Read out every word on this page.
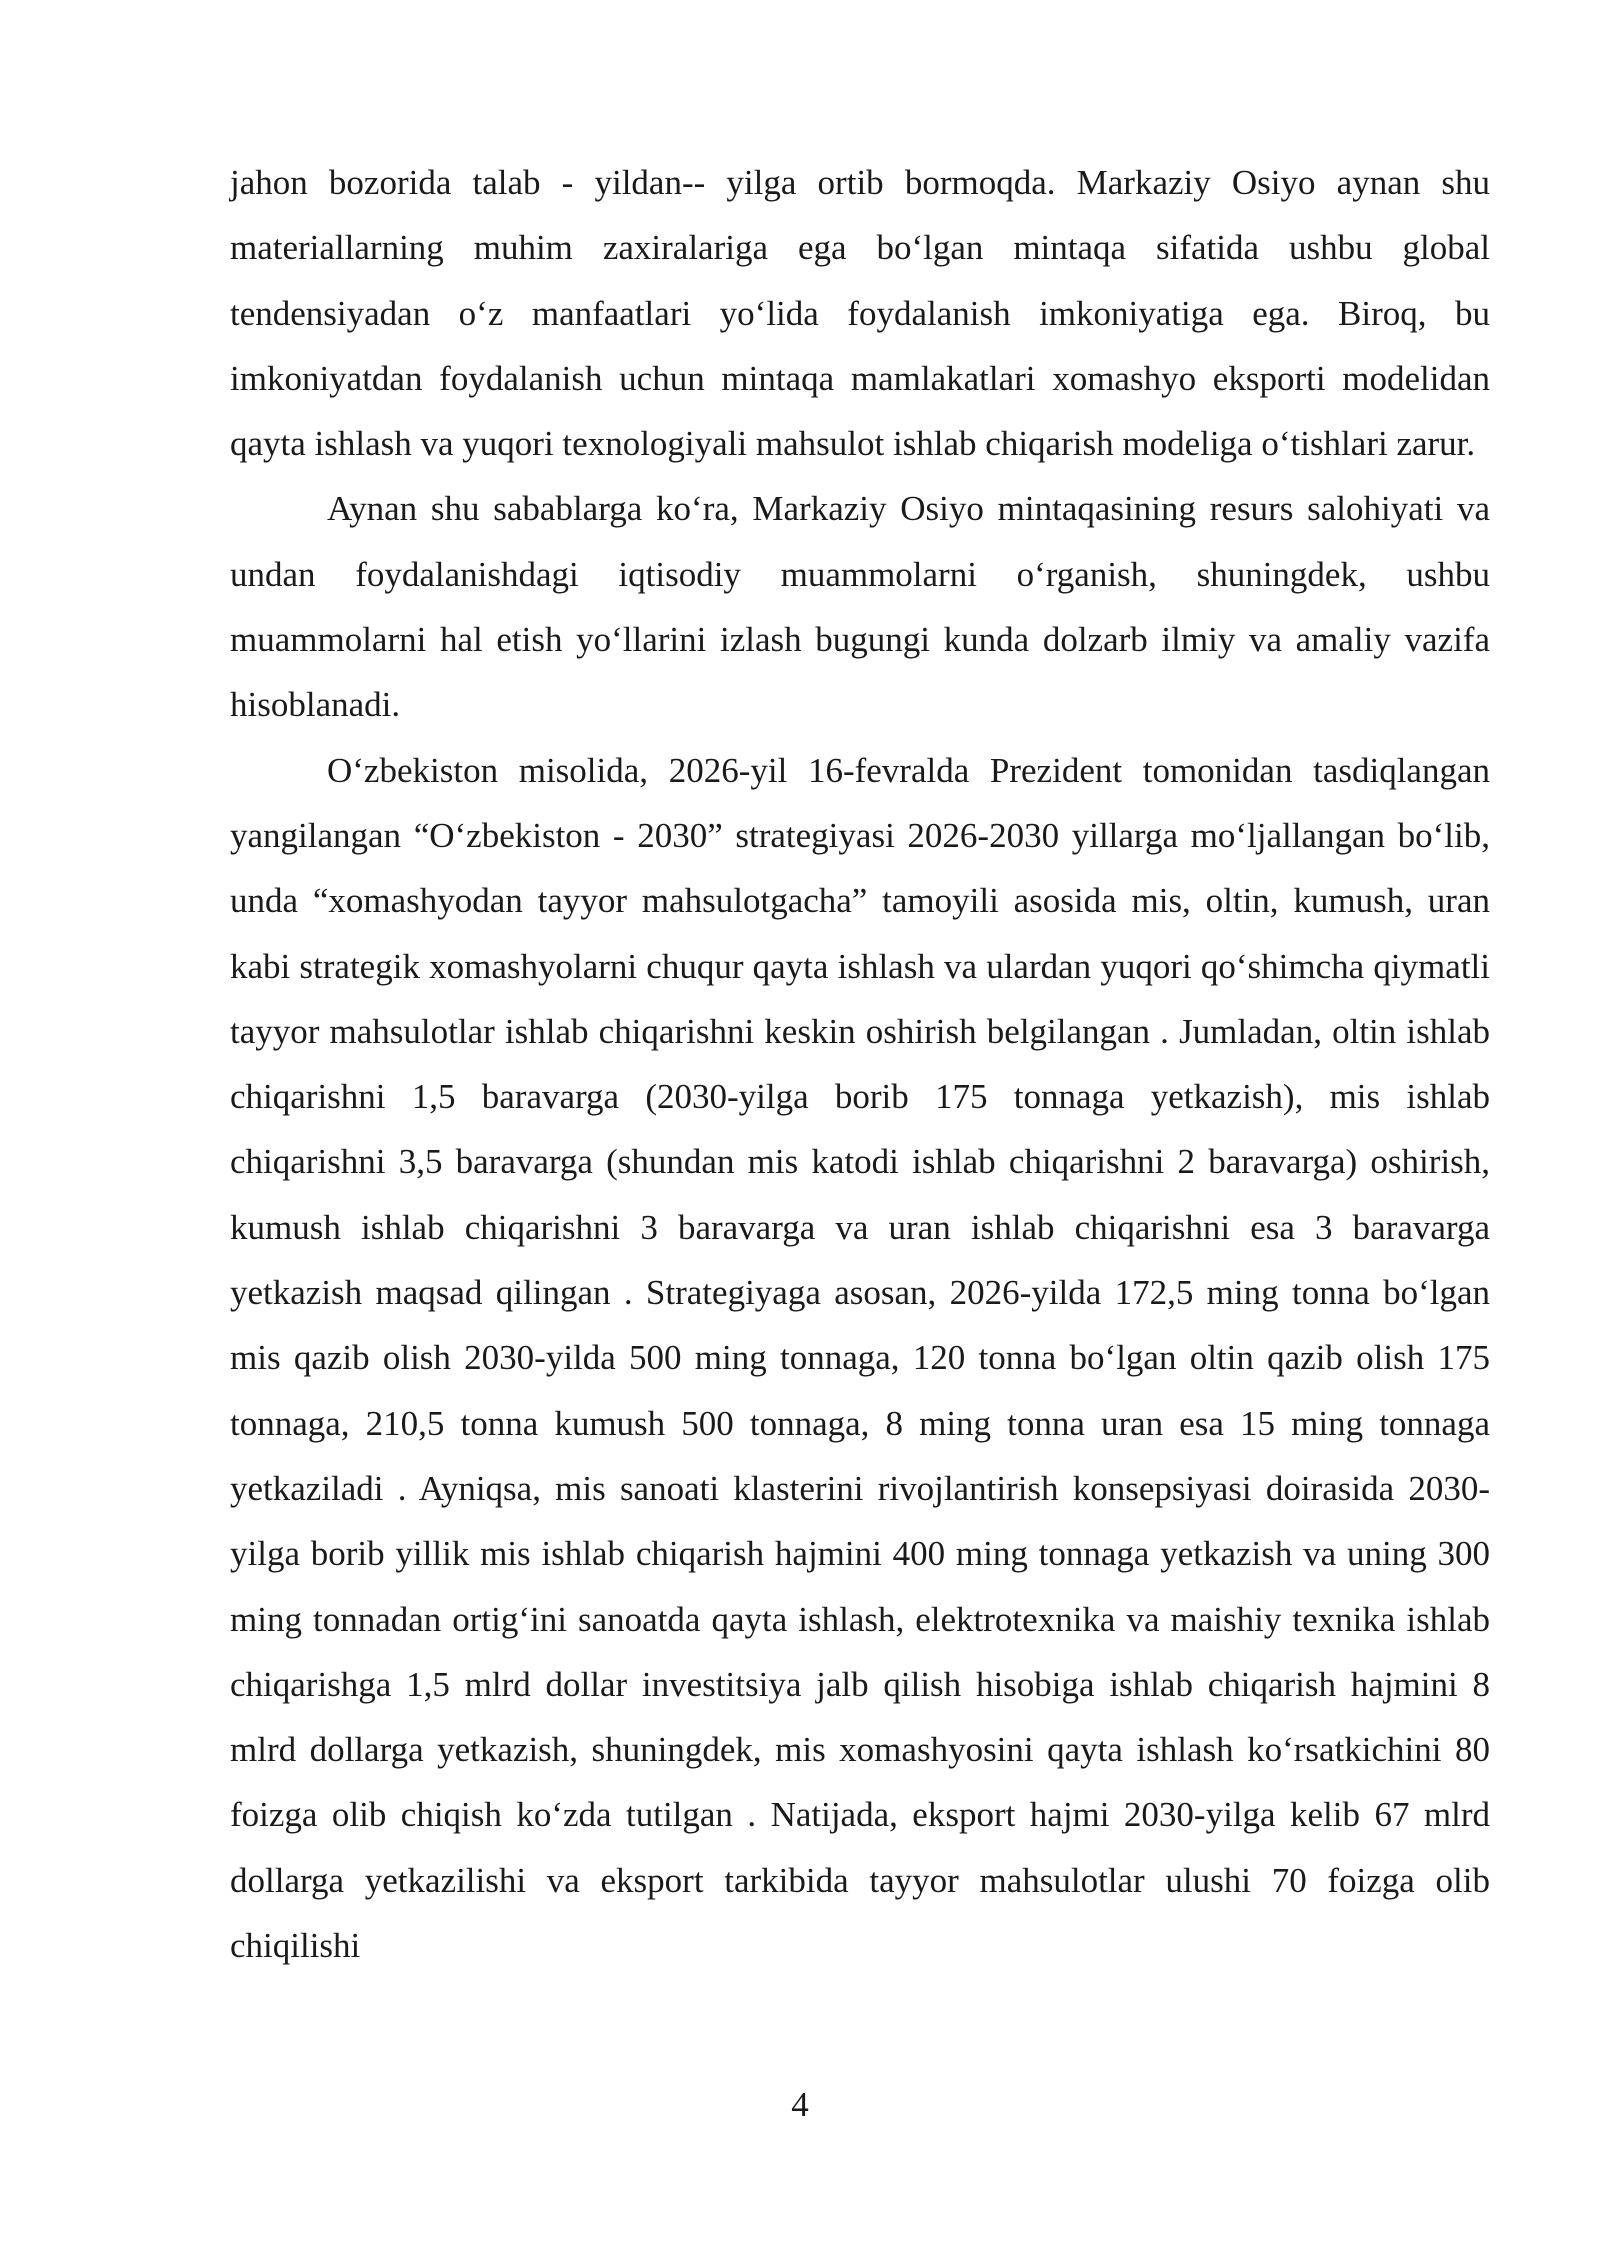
jahon bozorida talab - yildan-- yilga ortib bormoqda. Markaziy Osiyo aynan shu materiallarning muhim zaxiralariga ega bo‘lgan mintaqa sifatida ushbu global tendensiyadan o‘z manfaatlari yo‘lida foydalanish imkoniyatiga ega. Biroq, bu imkoniyatdan foydalanish uchun mintaqa mamlakatlari xomashyo eksporti modelidan qayta ishlash va yuqori texnologiyali mahsulot ishlab chiqarish modeliga o‘tishlari zarur.

Aynan shu sabablarga ko‘ra, Markaziy Osiyo mintaqasining resurs salohiyati va undan foydalanishdagi iqtisodiy muammolarni o‘rganish, shuningdek, ushbu muammolarni hal etish yo‘llarini izlash bugungi kunda dolzarb ilmiy va amaliy vazifa hisoblanadi.

O‘zbekiston misolida, 2026-yil 16-fevralda Prezident tomonidan tasdiqlangan yangilangan “O‘zbekiston - 2030” strategiyasi 2026-2030 yillarga mo‘ljallangan bo‘lib, unda “xomashyodan tayyor mahsulotgacha” tamoyili asosida mis, oltin, kumush, uran kabi strategik xomashyolarni chuqur qayta ishlash va ulardan yuqori qo‘shimcha qiymatli tayyor mahsulotlar ishlab chiqarishni keskin oshirish belgilangan . Jumladan, oltin ishlab chiqarishni 1,5 baravarga (2030-yilga borib 175 tonnaga yetkazish), mis ishlab chiqarishni 3,5 baravarga (shundan mis katodi ishlab chiqarishni 2 baravarga) oshirish, kumush ishlab chiqarishni 3 baravarga va uran ishlab chiqarishni esa 3 baravarga yetkazish maqsad qilingan . Strategiyaga asosan, 2026-yilda 172,5 ming tonna bo‘lgan mis qazib olish 2030-yilda 500 ming tonnaga, 120 tonna bo‘lgan oltin qazib olish 175 tonnaga, 210,5 tonna kumush 500 tonnaga, 8 ming tonna uran esa 15 ming tonnaga yetkaziladi . Ayniqsa, mis sanoati klasterini rivojlantirish konsepsiyasi doirasida 2030-yilga borib yillik mis ishlab chiqarish hajmini 400 ming tonnaga yetkazish va uning 300 ming tonnadan ortig‘ini sanoatda qayta ishlash, elektrotexnika va maishiy texnika ishlab chiqarishga 1,5 mlrd dollar investitsiya jalb qilish hisobiga ishlab chiqarish hajmini 8 mlrd dollarga yetkazish, shuningdek, mis xomashyosini qayta ishlash ko‘rsatkichini 80 foizga olib chiqish ko‘zda tutilgan . Natijada, eksport hajmi 2030-yilga kelib 67 mlrd dollarga yetkazilishi va eksport tarkibida tayyor mahsulotlar ulushi 70 foizga olib chiqilishi

4
